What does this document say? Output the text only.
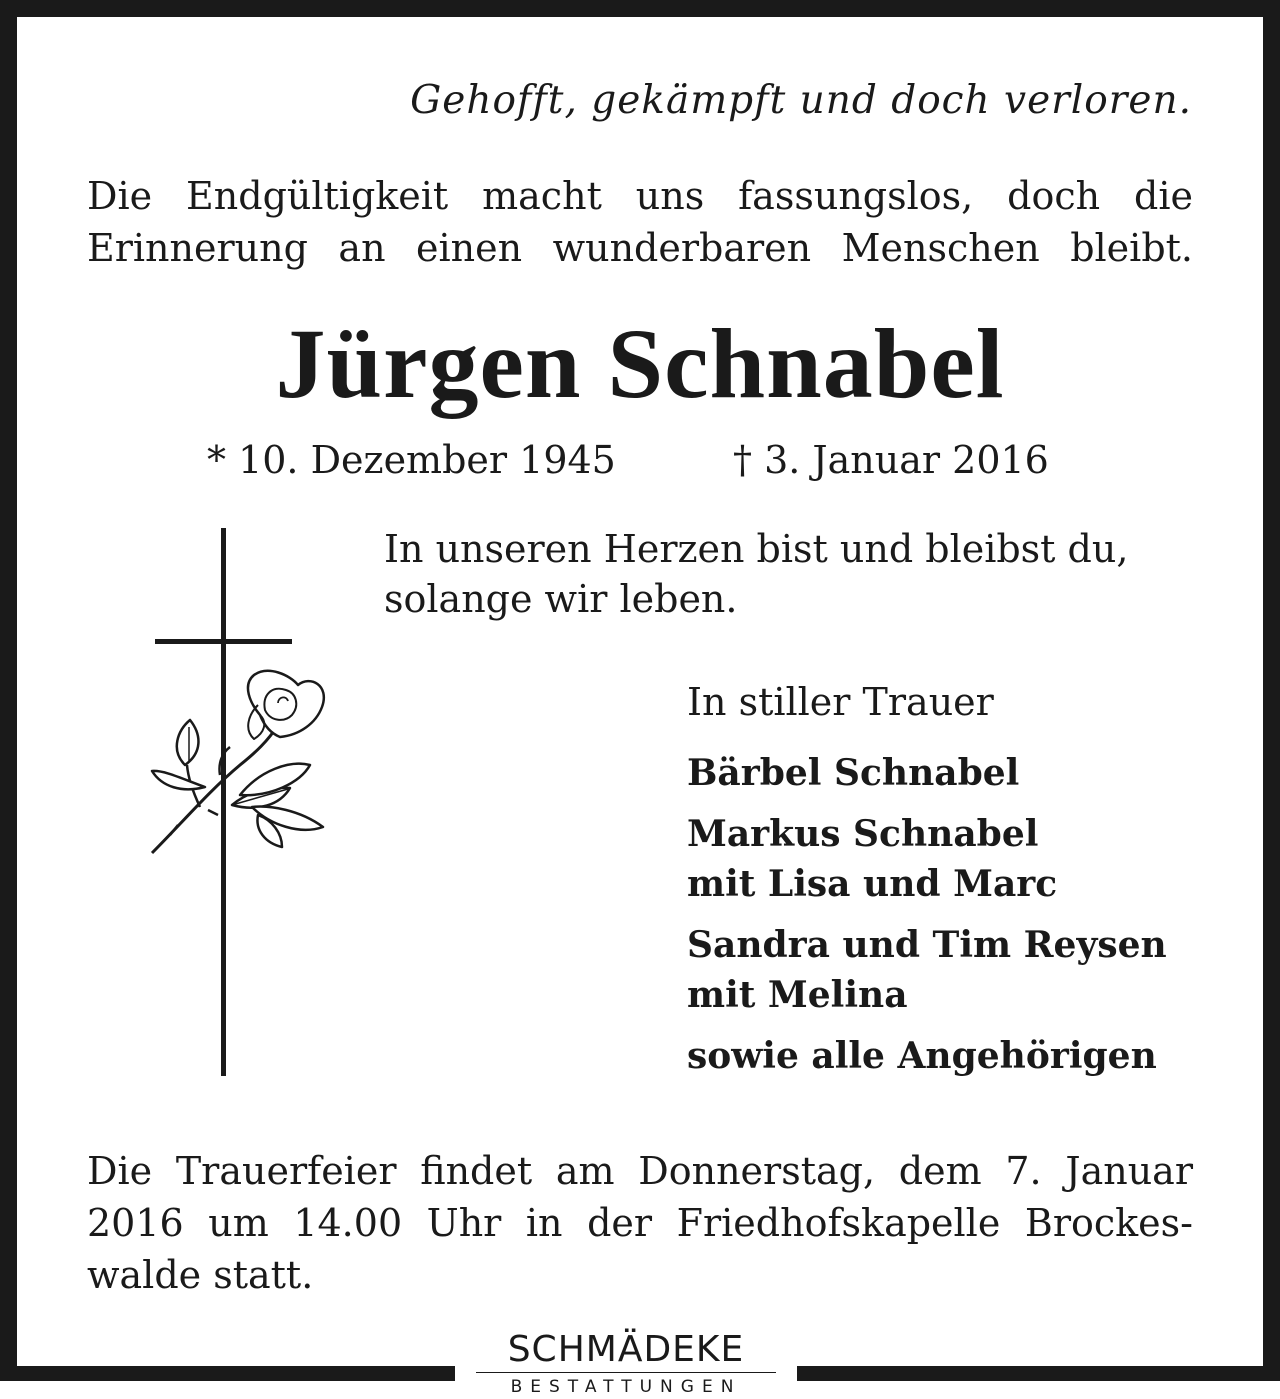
Gehofft, gekämpft und doch verloren.
Die Endgültigkeit macht uns fassungslos, doch die
Erinnerung an einen wunderbaren Menschen bleibt.
Jürgen Schnabel
* 10. Dezember 1945	† 3. Januar 2016
In unseren Herzen bist und bleibst du,
solange wir leben.
In stiller Trauer
Bärbel Schnabel
Markus Schnabel
mit Lisa und Marc
Sandra und Tim Reysen
mit Melina
sowie alle Angehörigen
Die Trauerfeier findet am Donnerstag, dem 7. Januar
2016 um 14.00 Uhr in der Friedhofskapelle Brockes-
walde statt.
SCHMÄDEKE
BESTATTUNGEN
